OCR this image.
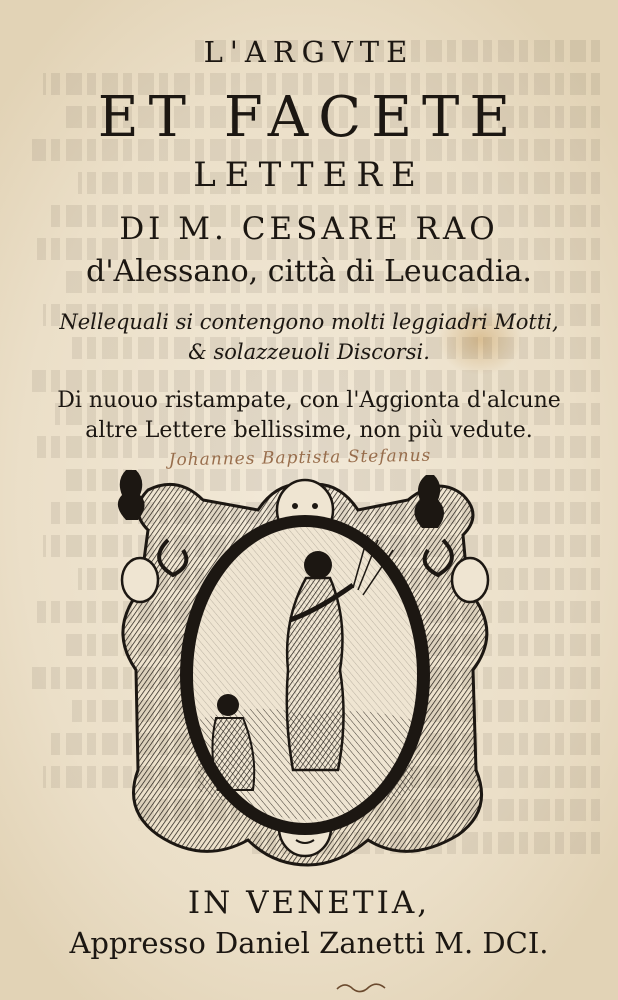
L'ARGVTE
ET FACETE
LETTERE
DI M. CESARE RAO
d'Alessano, città di Leucadia.
Nellequali si contengono molti leggiadri Motti,
& solazzeuoli Discorsi.
Di nuouo ristampate, con l'Aggionta d'alcune
altre Lettere bellissime, non più vedute.
Johannes Baptista Stefanus
IN VENETIA,
Appresso Daniel Zanetti M. DCI.
